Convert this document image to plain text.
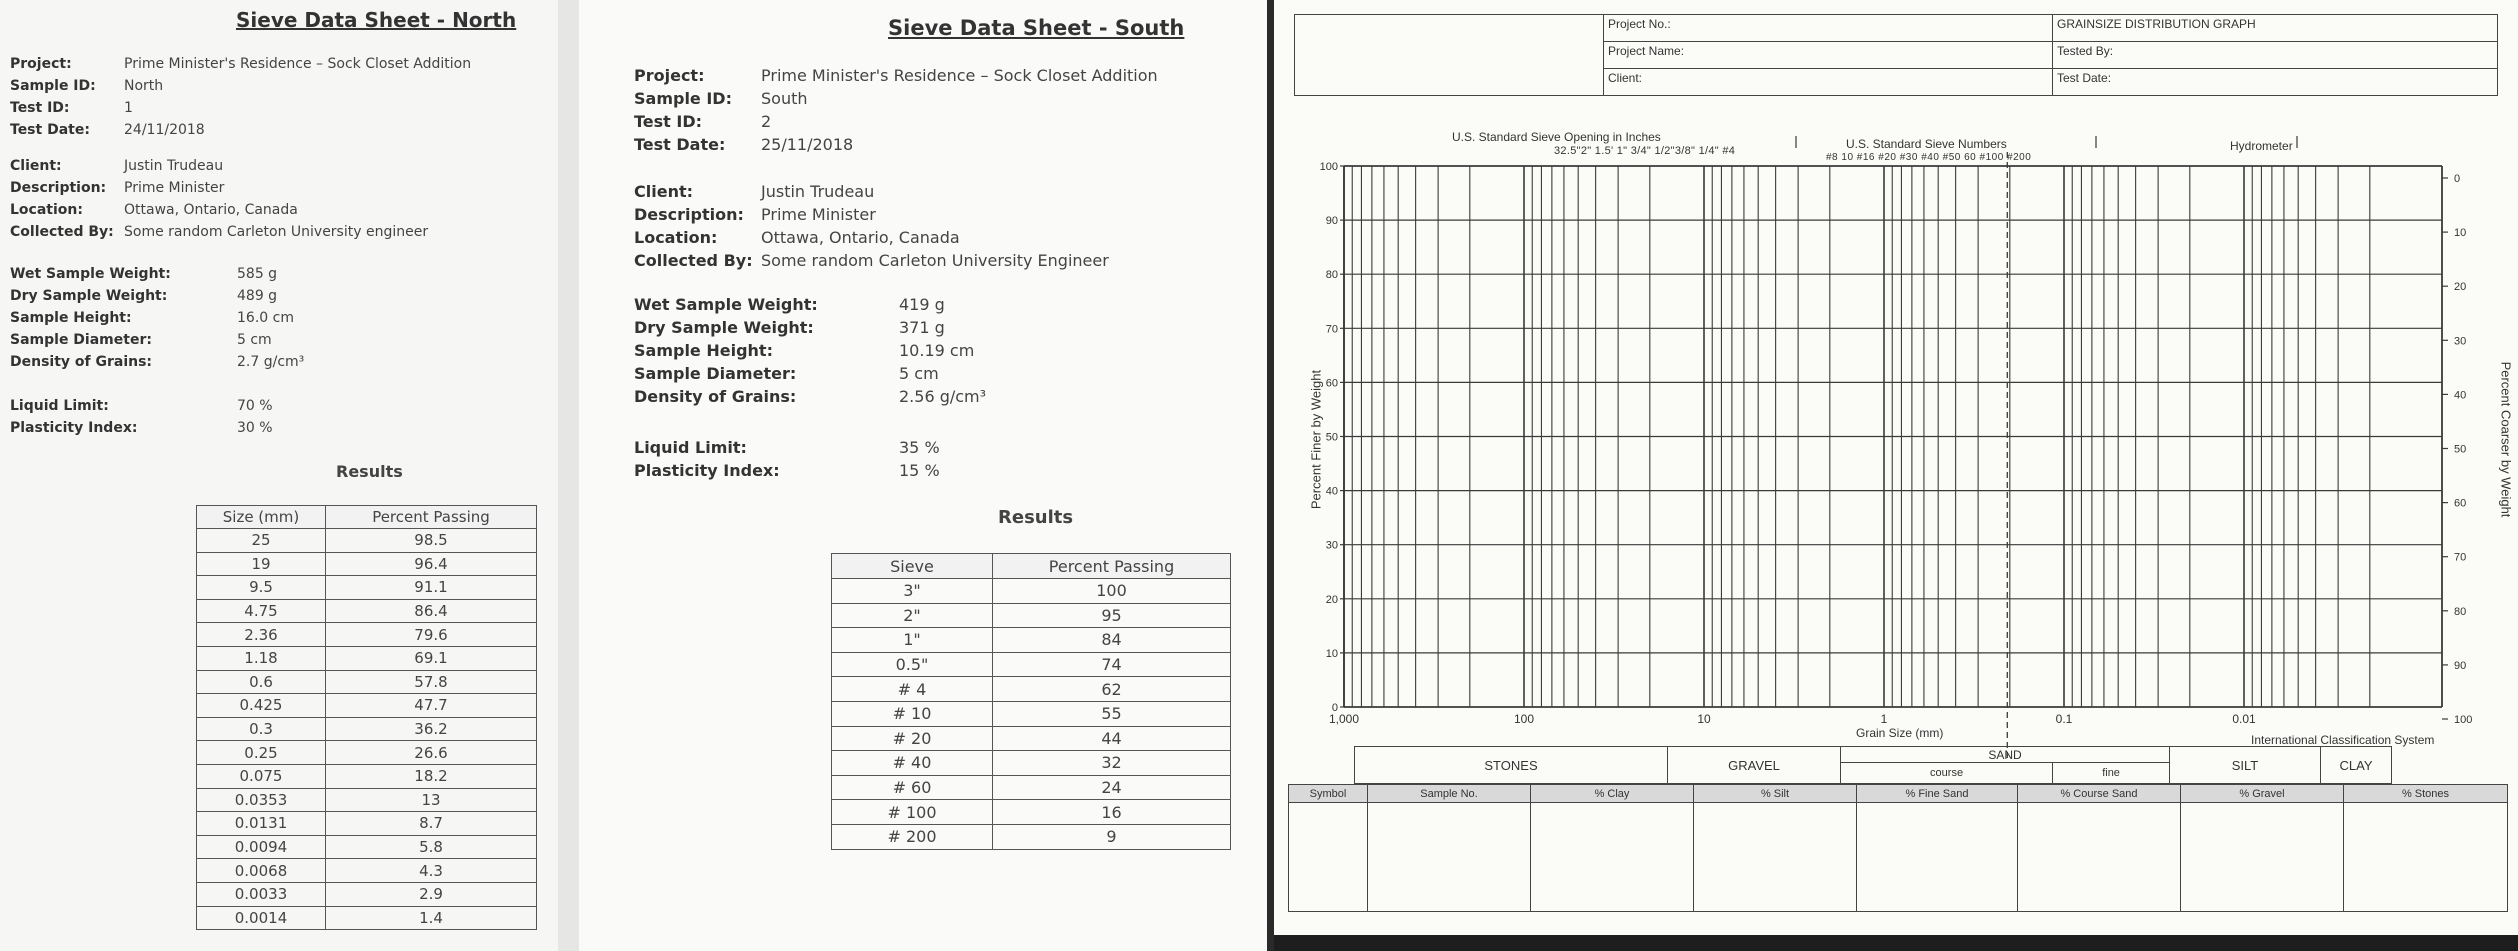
Sieve Data Sheet - North
Project:	Prime Minister's Residence – Sock Closet Addition
Sample ID: North
Test ID:	1
Test Date: 24/11/2018
Client:	Justin Trudeau
Description: Prime Minister
Location:	Ottawa, Ontario, Canada
Collected By: Some random Carleton University engineer
Wet Sample Weight:	585 g
Dry Sample Weight:	489 g
Sample Height:	16.0 cm
Sample Diameter:	5 cm
Density of Grains:	2.7 g/cm³
Liquid Limit:	70 %
Plasticity Index:	30 %
Results
Size (mm)	Percent Passing
25	98.5
19	96.4
9.5	91.1
4.75	86.4
2.36	79.6
1.18	69.1
0.6	57.8
0.425	47.7
0.3	36.2
0.25	26.6
0.075	18.2
0.0353	13
0.0131	8.7
0.0094	5.8
0.0068	4.3
0.0033	2.9
0.0014	1.4
Sieve Data Sheet - South
Project:	Prime Minister's Residence – Sock Closet Addition
Sample ID: South
Test ID:	2
Test Date: 25/11/2018
Client:	Justin Trudeau
Description: Prime Minister
Location:	Ottawa, Ontario, Canada
Collected By: Some random Carleton University Engineer
Wet Sample Weight:	419 g
Dry Sample Weight:	371 g
Sample Height:	10.19 cm
Sample Diameter:	5 cm
Density of Grains:	2.56 g/cm³
Liquid Limit:	35 %
Plasticity Index:	15 %
Results
Sieve	Percent Passing
3"	100
2"	95
1"	84
0.5"	74
# 4	62
# 10	55
# 20	44
# 40	32
# 60	24
# 100	16
# 200	9
	Project No.:	GRAINSIZE DISTRIBUTION GRAPH
	Project Name:	Tested By:
	Client:	Test Date:
U.S. Standard Sieve Opening in Inches
32.5"2" 1.5' 1" 3/4" 1/2"3/8" 1/4" #4	U.S. Standard Sieve Numbers
#8 10 #16 #20 #30 #40 #50 60 #100 #200
Hydrometer
1,000	100	10	1	0.1	0.01
100
90
80
70
60
50
40
30
20
10
0
0
10
20
30
40
50
60
70
80
90
100
Percent Finer by Weight	Percent Coarser by Weight
Grain Size (mm)	International Classification System
STONES	GRAVEL	SAND		SILT	CLAY
		course	fine		
Symbol	Sample No.	% Clay	% Silt	% Fine Sand	% Course Sand	% Gravel	% Stones
